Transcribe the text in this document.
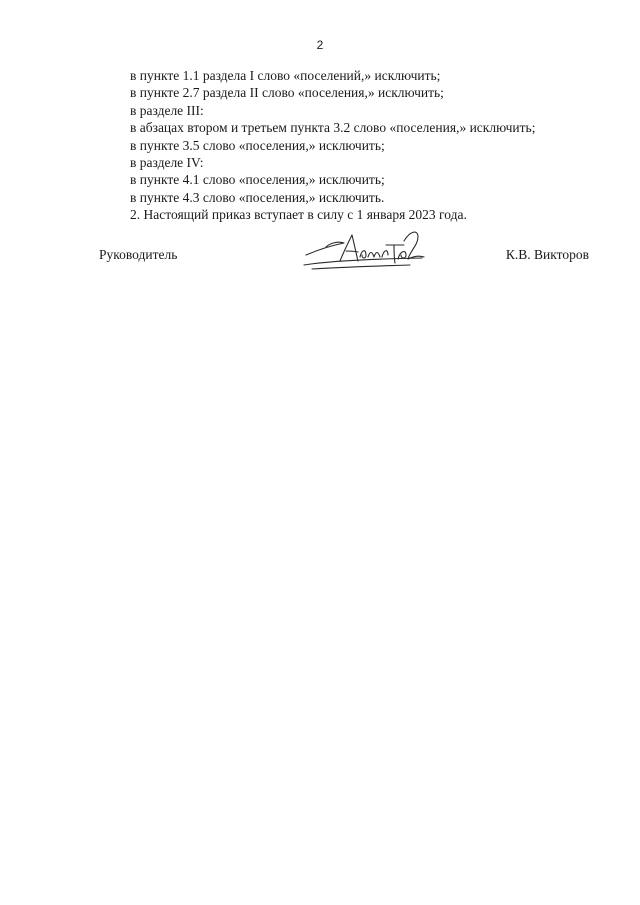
2
в пункте 1.1 раздела I слово «поселений,» исключить;
в пункте 2.7 раздела II слово «поселения,» исключить;
в разделе III:
в абзацах втором и третьем пункта 3.2 слово «поселения,» исключить;
в пункте 3.5 слово «поселения,» исключить;
в разделе IV:
в пункте 4.1 слово «поселения,» исключить;
в пункте 4.3 слово «поселения,» исключить.
2. Настоящий приказ вступает в силу с 1 января 2023 года.
Руководитель	К.В. Викторов
